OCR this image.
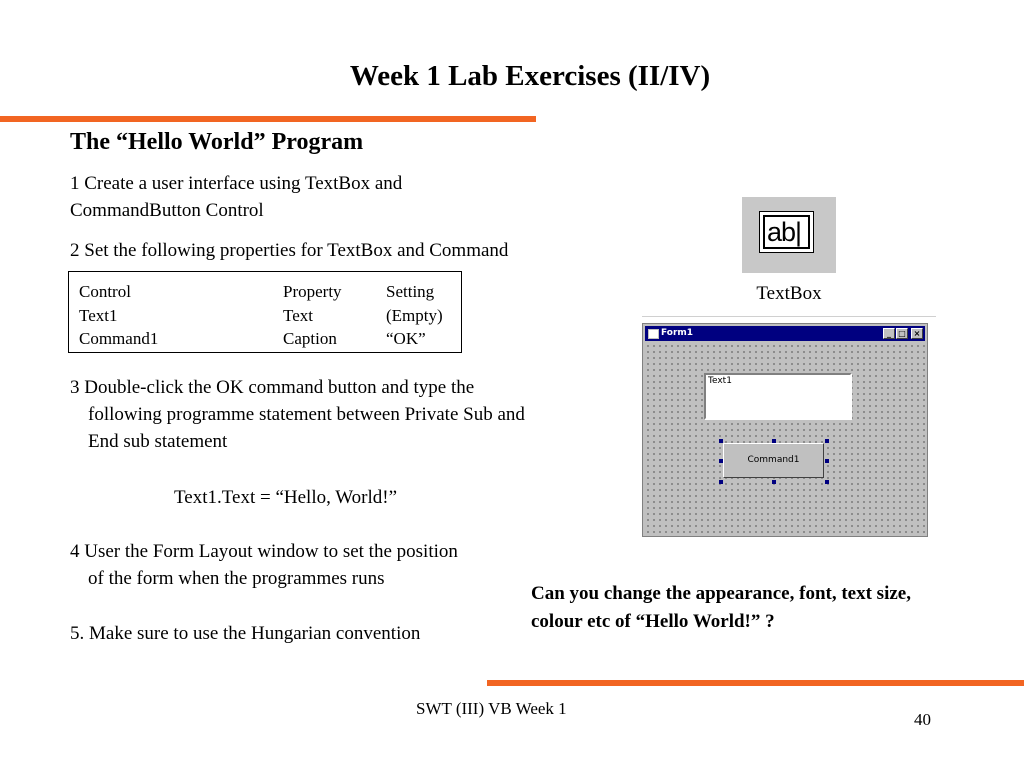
Week 1 Lab Exercises (II/IV)
The “Hello World” Program
1 Create a user interface using TextBox and
CommandButton Control
2 Set the following properties for TextBox and Command
Control	Property	Setting
Text1	Text	(Empty)
Command1	Caption	“OK”
3 Double-click the OK command button and type the
following programme statement between Private Sub and
End sub statement
Text1.Text = “Hello, World!”
4 User the Form Layout window to set the position
of the form when the programmes runs
5. Make sure to use the Hungarian convention
ab|
TextBox
Form1	_ □ ×
Text1
Command1
Can you change the appearance, font, text size,
colour etc of “Hello World!” ?
SWT (III) VB Week 1
40
